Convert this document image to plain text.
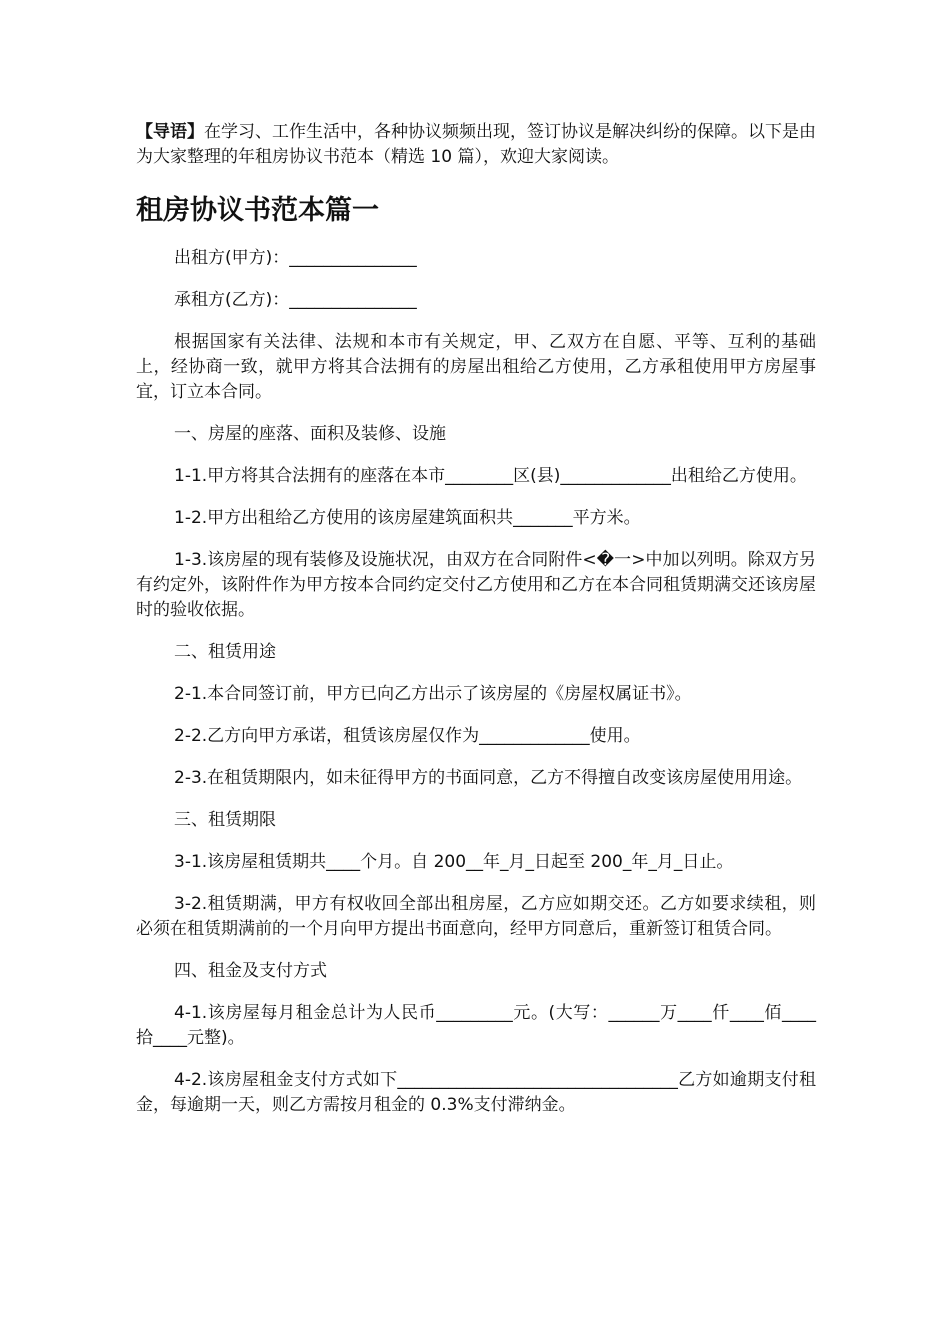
【导语】在学习、工作生活中，各种协议频频出现，签订协议是解决纠纷的保障。以下是由为大家整理的年租房协议书范本（精选 10 篇），欢迎大家阅读。

租房协议书范本篇一

出租方(甲方)：_______________

承租方(乙方)：_______________

根据国家有关法律、法规和本市有关规定，甲、乙双方在自愿、平等、互利的基础上，经协商一致，就甲方将其合法拥有的房屋出租给乙方使用，乙方承租使用甲方房屋事宜，订立本合同。

一、房屋的座落、面积及装修、设施

1-1.甲方将其合法拥有的座落在本市________区(县)_____________出租给乙方使用。

1-2.甲方出租给乙方使用的该房屋建筑面积共_______平方米。

1-3.该房屋的现有装修及设施状况，由双方在合同附件<�一>中加以列明。除双方另有约定外，该附件作为甲方按本合同约定交付乙方使用和乙方在本合同租赁期满交还该房屋时的验收依据。

二、租赁用途

2-1.本合同签订前，甲方已向乙方出示了该房屋的《房屋权属证书》。

2-2.乙方向甲方承诺，租赁该房屋仅作为_____________使用。

2-3.在租赁期限内，如未征得甲方的书面同意，乙方不得擅自改变该房屋使用用途。

三、租赁期限

3-1.该房屋租赁期共____个月。自 200__年_月_日起至 200_年_月_日止。

3-2.租赁期满，甲方有权收回全部出租房屋，乙方应如期交还。乙方如要求续租，则必须在租赁期满前的一个月向甲方提出书面意向，经甲方同意后，重新签订租赁合同。

四、租金及支付方式

4-1.该房屋每月租金总计为人民币_________元。(大写：______万____仟____佰____拾____元整)。

4-2.该房屋租金支付方式如下_________________________________乙方如逾期支付租金，每逾期一天，则乙方需按月租金的 0.3%支付滞纳金。
